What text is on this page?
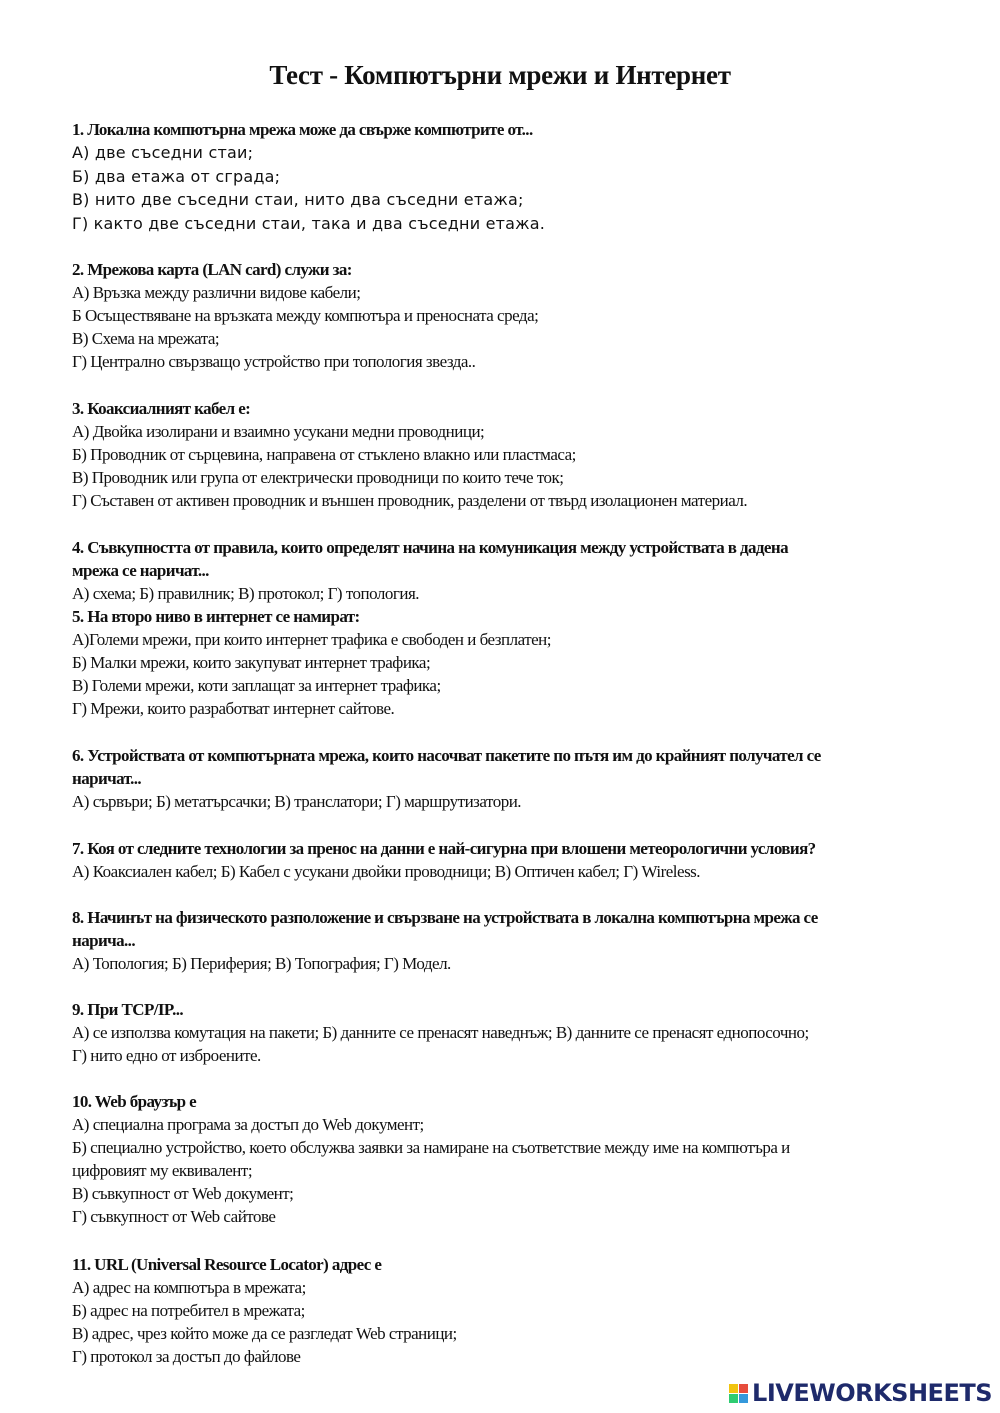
Тест - Компютърни мрежи и Интернет

1. Локална компютърна мрежа може да свърже компютрите от...

А) две съседни стаи;

Б) два етажа от сграда;

В) нито две съседни стаи, нито два съседни етажа;

Г) както две съседни стаи, така и два съседни етажа.

2. Мрежова карта (LAN card) служи за:

А) Връзка между различни видове кабели;

Б Осъществяване на връзката между компютъра и преносната среда;

В) Схема на мрежата;

Г) Централно свързващо устройство при топология звезда..

3. Коаксиалният кабел е:

А) Двойка изолирани и взаимно усукани медни проводници;

Б) Проводник от сърцевина, направена от стъклено влакно или пластмаса;

В) Проводник или група от електрически проводници по които тече ток;

Г) Съставен от активен проводник и външен проводник, разделени от твърд изолационен материал.

4. Съвкупността от правила, които определят начина на комуникация между устройствата в дадена

мрежа се наричат...

А) схема; Б) правилник; В) протокол; Г) топология.

5. На второ ниво в интернет се намират:

А)Големи мрежи, при които интернет трафика е свободен и безплатен;

Б) Малки мрежи, които закупуват интернет трафика;

В) Големи мрежи, коти заплащат за интернет трафика;

Г) Мрежи, които разработват интернет сайтове.

6. Устройствата от компютърната мрежа, които насочват пакетите по пътя им до крайният получател се

наричат...

А) сървъри; Б) метатърсачки; В) транслатори; Г) маршрутизатори.

7. Коя от следните технологии за пренос на данни е най-сигурна при влошени метеорологични условия?

А) Коаксиален кабел; Б) Кабел с усукани двойки проводници; В) Оптичен кабел; Г) Wireless.

8. Начинът на физическото разположение и свързване на устройствата в локална компютърна мрежа се

нарича...

А) Топология; Б) Периферия; В) Топография; Г) Модел.

9. При TCP/IP...

А) се използва комутация на пакети; Б) данните се пренасят наведнъж; В) данните се пренасят еднопосочно;

Г) нито едно от изброените.

10. Web браузър е

А) специална програма за достъп до Web документ;

Б) специално устройство, което обслужва заявки за намиране на съответствие между име на компютъра и

цифровият му еквивалент;

В) съвкупност от Web документ;

Г) съвкупност от Web сайтове

11. URL (Universal Resource Locator) адрес е

А) адрес на компютъра в мрежата;

Б) адрес на потребител в мрежата;

В) адрес, чрез който може да се разгледат Web страници;

Г) протокол за достъп до файлове

LIVEWORKSHEETS
